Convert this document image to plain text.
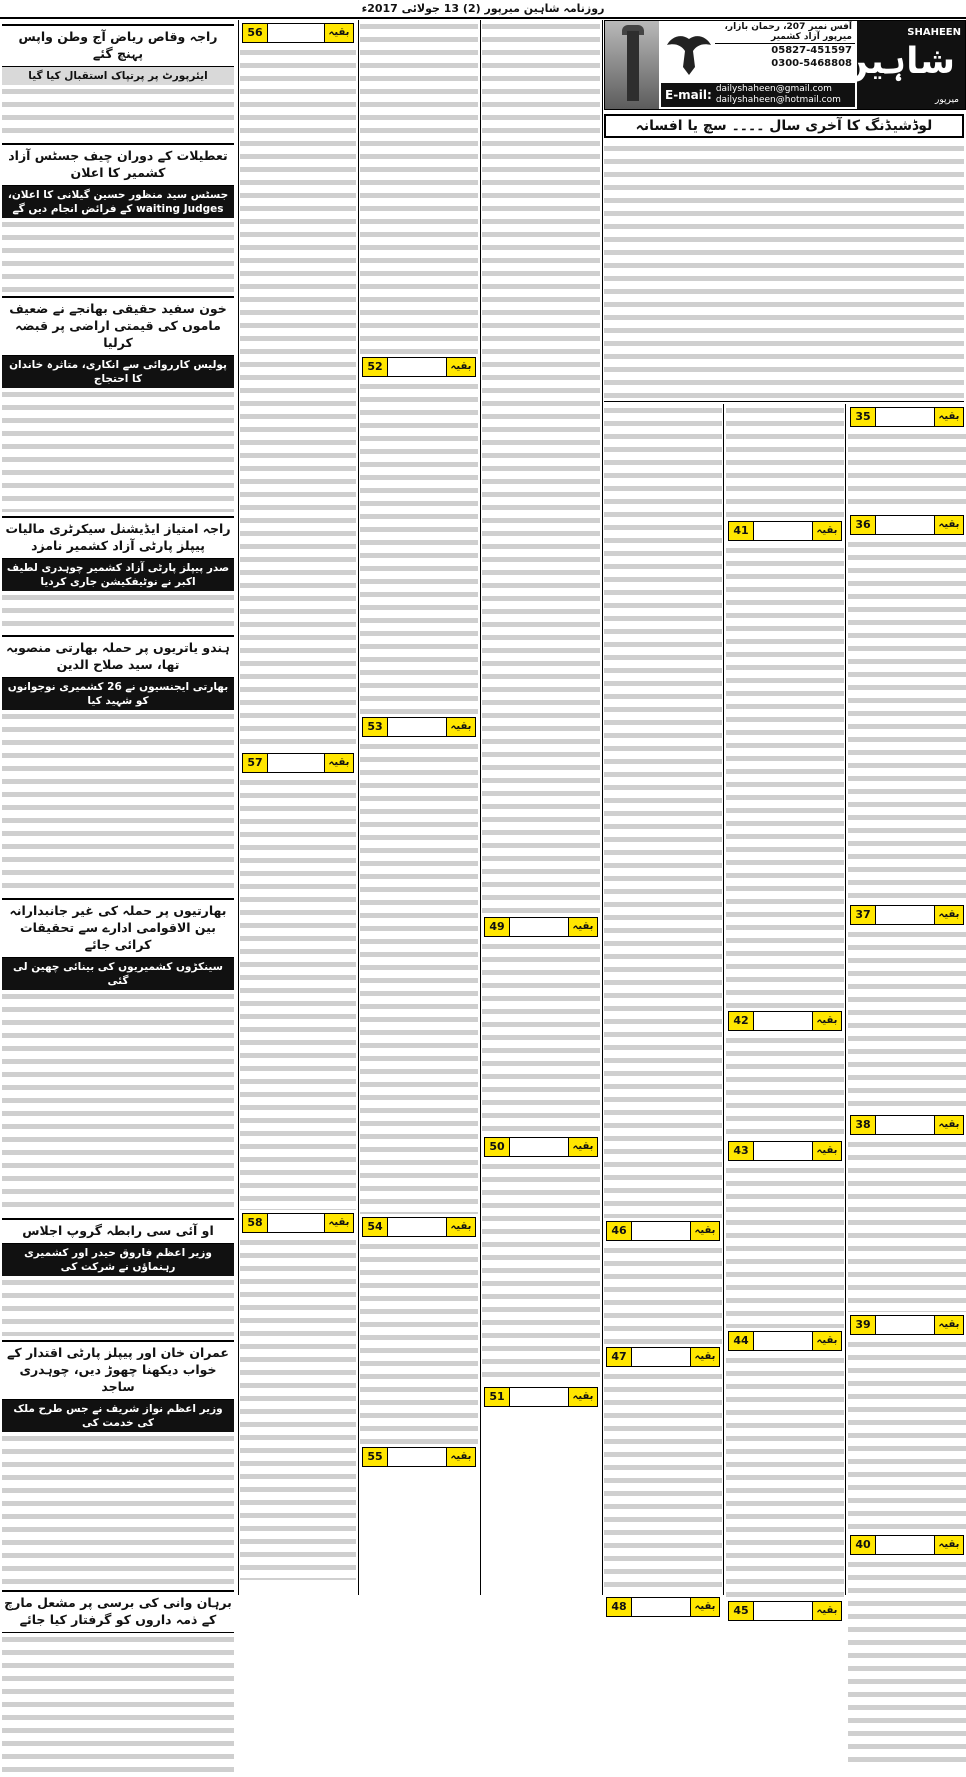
روزنامہ شاہین میرپور (2) 13 جولائی 2017ء
SHAHEEN
شاہین
میرپور
آفس نمبر 207، رحمان بازار، میرپور آزاد کشمیر
05827-451597
0300-5468808
E-mail: dailyshaheen@gmail.com
dailyshaheen@hotmail.com
لوڈشیڈنگ کا آخری سال ۔۔۔۔ سچ یا افسانہ
35	بقیہ
36	بقیہ
37	بقیہ
38	بقیہ
39	بقیہ
40	بقیہ
41	بقیہ
42	بقیہ
43	بقیہ
44	بقیہ
45	بقیہ
46	بقیہ
47	بقیہ
48	بقیہ
49	بقیہ
50	بقیہ
51	بقیہ
52	بقیہ
53	بقیہ
54	بقیہ
55	بقیہ
56	بقیہ
57	بقیہ
58	بقیہ
راجہ وقاص ریاض آج وطن واپس پہنچ گئے
ایئرپورٹ پر پرتپاک استقبال کیا گیا
تعطیلات کے دوران چیف جسٹس آزاد کشمیر کا اعلان
جسٹس سید منظور حسین گیلانی کا اعلان، waiting Judges کے فرائض انجام دیں گے
خون سفید حقیقی بھانجے نے ضعیف ماموں کی قیمتی اراضی پر قبضہ کرلیا
پولیس کارروائی سے انکاری، متاثرہ خاندان کا احتجاج
راجہ امتیاز ایڈیشنل سیکرٹری مالیات پیپلز پارٹی آزاد کشمیر نامزد
صدر پیپلز پارٹی آزاد کشمیر چوہدری لطیف اکبر نے نوٹیفکیشن جاری کردیا
ہندو یاتریوں پر حملہ بھارتی منصوبہ تھا، سید صلاح الدین
بھارتی ایجنسیوں نے 26 کشمیری نوجوانوں کو شہید کیا
بھارتیوں پر حملہ کی غیر جانبدارانہ بین الاقوامی ادارے سے تحقیقات کرائی جائے
سینکڑوں کشمیریوں کی بینائی چھین لی گئی
او آئی سی رابطہ گروپ اجلاس
وزیر اعظم فاروق حیدر اور کشمیری رہنماؤں نے شرکت کی
عمران خان اور پیپلز پارٹی اقتدار کے خواب دیکھنا چھوڑ دیں، چوہدری ساجد
وزیر اعظم نواز شریف نے جس طرح ملک کی خدمت کی
برہان وانی کی برسی پر مشعل مارچ کے ذمہ داروں کو گرفتار کیا جائے
